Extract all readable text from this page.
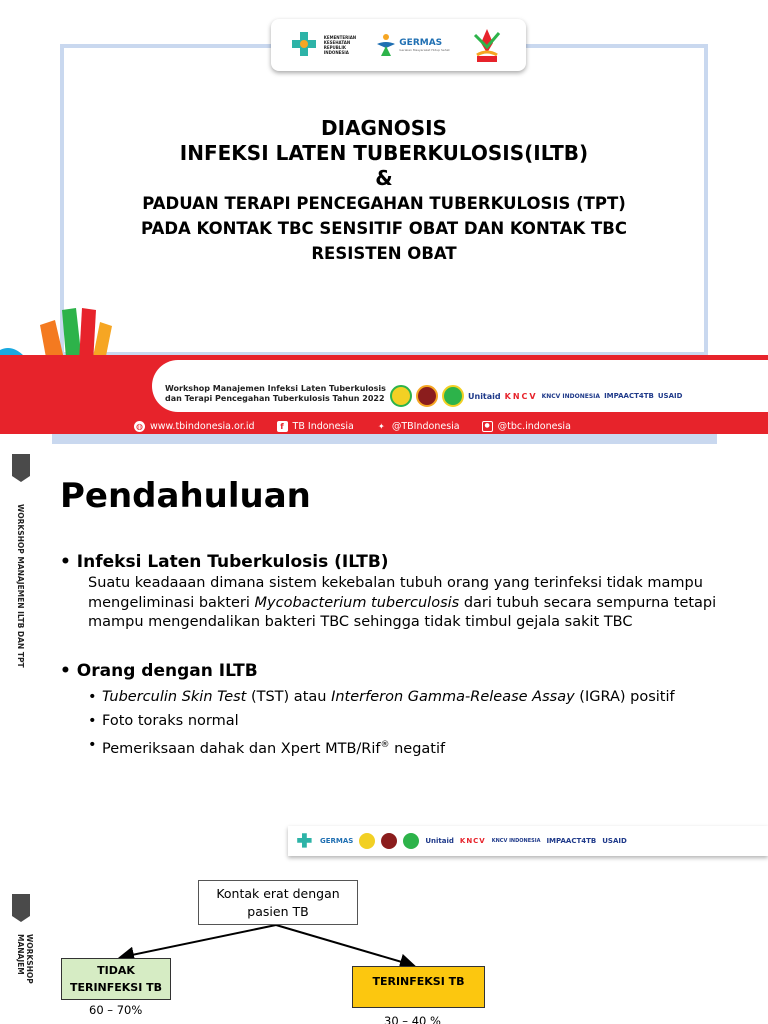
KEMENTERIAN KESEHATAN REPUBLIK INDONESIA
GERMAS
Gerakan Masyarakat Hidup Sehat
DIAGNOSIS
INFEKSI LATEN TUBERKULOSIS(ILTB)
&
PADUAN TERAPI PENCEGAHAN TUBERKULOSIS (TPT)
PADA KONTAK TBC SENSITIF OBAT DAN KONTAK TBC
RESISTEN OBAT
Workshop Manajemen Infeksi Laten Tuberkulosis
dan Terapi Pencegahan Tuberkulosis Tahun 2022	Unitaid KNCV KNCV INDONESIA IMPAACT4TB USAID
◍ www.tbindonesia.or.id	f TB Indonesia	✦ @TBIndonesia	● @tbc.indonesia
WORKSHOP MANAJEMEN ILTB DAN TPT
Pendahuluan
• Infeksi Laten Tuberkulosis (ILTB)
Suatu keadaaan dimana sistem kekebalan tubuh orang yang terinfeksi tidak mampu mengeliminasi bakteri Mycobacterium tuberculosis dari tubuh secara sempurna tetapi mampu mengendalikan bakteri TBC sehingga tidak timbul gejala sakit TBC
• Orang dengan ILTB
• Tuberculin Skin Test (TST) atau Interferon Gamma-Release Assay (IGRA) positif
• Foto toraks normal
• Pemeriksaan dahak dan Xpert MTB/Rif® negatif
GERMAS	Unitaid KNCV KNCV INDONESIA IMPAACT4TB USAID
WORKSHOP MANAJEM
Kontak erat dengan pasien TB
TIDAK TERINFEKSI TB	TERINFEKSI TB
60 – 70%
30 – 40 %
